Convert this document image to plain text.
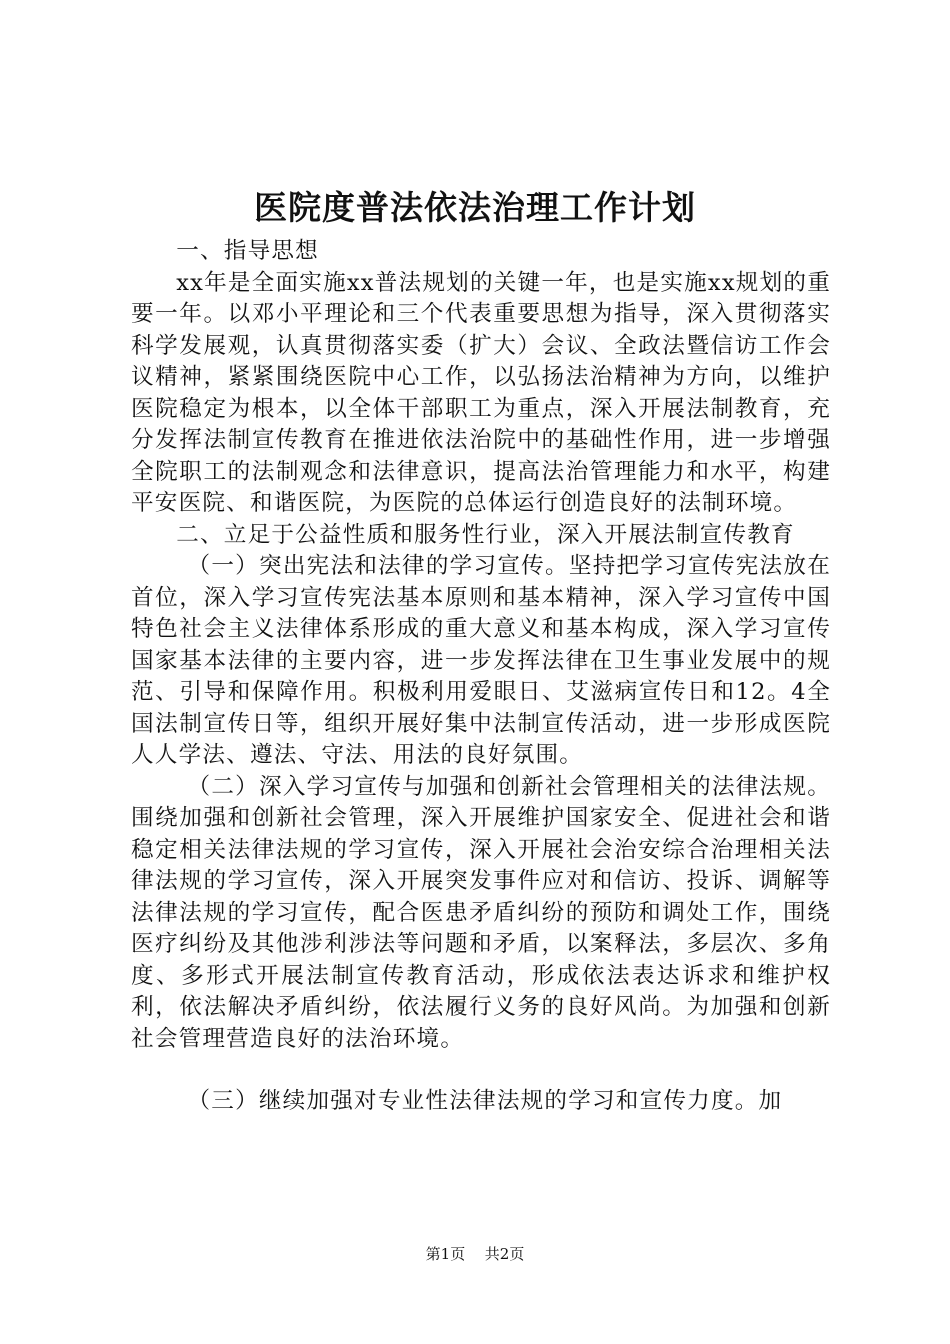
医院度普法依法治理工作计划

一、指导思想

xx年是全面实施xx普法规划的关键一年，也是实施xx规划的重要一年。以邓小平理论和三个代表重要思想为指导，深入贯彻落实科学发展观，认真贯彻落实委（扩大）会议、全政法暨信访工作会议精神，紧紧围绕医院中心工作，以弘扬法治精神为方向，以维护医院稳定为根本，以全体干部职工为重点，深入开展法制教育，充分发挥法制宣传教育在推进依法治院中的基础性作用，进一步增强全院职工的法制观念和法律意识，提高法治管理能力和水平，构建平安医院、和谐医院，为医院的总体运行创造良好的法制环境。

二、立足于公益性质和服务性行业，深入开展法制宣传教育

（一）突出宪法和法律的学习宣传。坚持把学习宣传宪法放在首位，深入学习宣传宪法基本原则和基本精神，深入学习宣传中国特色社会主义法律体系形成的重大意义和基本构成，深入学习宣传国家基本法律的主要内容，进一步发挥法律在卫生事业发展中的规范、引导和保障作用。积极利用爱眼日、艾滋病宣传日和12。4全国法制宣传日等，组织开展好集中法制宣传活动，进一步形成医院人人学法、遵法、守法、用法的良好氛围。

（二）深入学习宣传与加强和创新社会管理相关的法律法规。围绕加强和创新社会管理，深入开展维护国家安全、促进社会和谐稳定相关法律法规的学习宣传，深入开展社会治安综合治理相关法律法规的学习宣传，深入开展突发事件应对和信访、投诉、调解等法律法规的学习宣传，配合医患矛盾纠纷的预防和调处工作，围绕医疗纠纷及其他涉利涉法等问题和矛盾，以案释法，多层次、多角度、多形式开展法制宣传教育活动，形成依法表达诉求和维护权利，依法解决矛盾纠纷，依法履行义务的良好风尚。为加强和创新社会管理营造良好的法治环境。

（三）继续加强对专业性法律法规的学习和宣传力度。加

第1页 共2页
